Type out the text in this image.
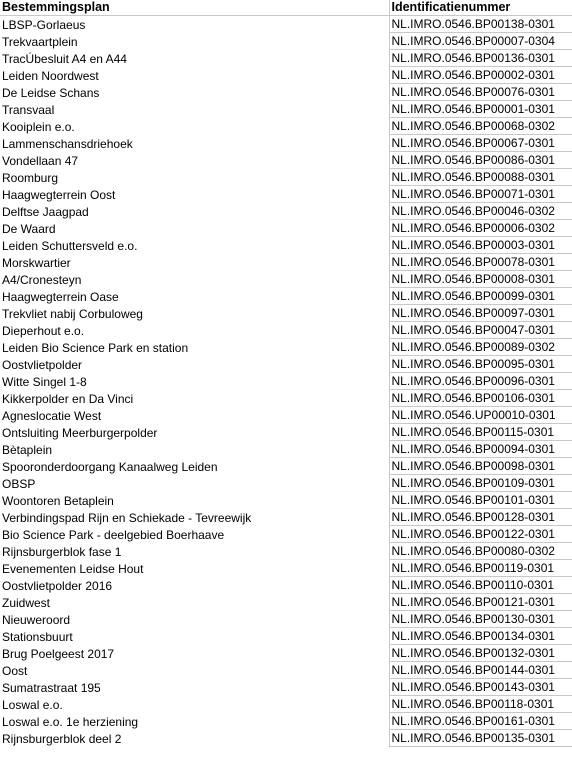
Bestemmingsplan	Identificatienummer
LBSP-Gorlaeus	NL.IMRO.0546.BP00138-0301
Trekvaartplein	NL.IMRO.0546.BP00007-0304
TracÚbesluit A4 en A44	NL.IMRO.0546.BP00136-0301
Leiden Noordwest	NL.IMRO.0546.BP00002-0301
De Leidse Schans	NL.IMRO.0546.BP00076-0301
Transvaal	NL.IMRO.0546.BP00001-0301
Kooiplein e.o.	NL.IMRO.0546.BP00068-0302
Lammenschansdriehoek	NL.IMRO.0546.BP00067-0301
Vondellaan 47	NL.IMRO.0546.BP00086-0301
Roomburg	NL.IMRO.0546.BP00088-0301
Haagwegterrein Oost	NL.IMRO.0546.BP00071-0301
Delftse Jaagpad	NL.IMRO.0546.BP00046-0302
De Waard	NL.IMRO.0546.BP00006-0302
Leiden Schuttersveld e.o.	NL.IMRO.0546.BP00003-0301
Morskwartier	NL.IMRO.0546.BP00078-0301
A4/Cronesteyn	NL.IMRO.0546.BP00008-0301
Haagwegterrein Oase	NL.IMRO.0546.BP00099-0301
Trekvliet nabij Corbuloweg	NL.IMRO.0546.BP00097-0301
Dieperhout e.o.	NL.IMRO.0546.BP00047-0301
Leiden Bio Science Park en station	NL.IMRO.0546.BP00089-0302
Oostvlietpolder	NL.IMRO.0546.BP00095-0301
Witte Singel 1-8	NL.IMRO.0546.BP00096-0301
Kikkerpolder en Da Vinci	NL.IMRO.0546.BP00106-0301
Agneslocatie West	NL.IMRO.0546.UP00010-0301
Ontsluiting Meerburgerpolder	NL.IMRO.0546.BP00115-0301
Bètaplein	NL.IMRO.0546.BP00094-0301
Spooronderdoorgang Kanaalweg Leiden	NL.IMRO.0546.BP00098-0301
OBSP	NL.IMRO.0546.BP00109-0301
Woontoren Betaplein	NL.IMRO.0546.BP00101-0301
Verbindingspad Rijn en Schiekade - Tevreewijk	NL.IMRO.0546.BP00128-0301
Bio Science Park - deelgebied Boerhaave	NL.IMRO.0546.BP00122-0301
Rijnsburgerblok fase 1	NL.IMRO.0546.BP00080-0302
Evenementen Leidse Hout	NL.IMRO.0546.BP00119-0301
Oostvlietpolder 2016	NL.IMRO.0546.BP00110-0301
Zuidwest	NL.IMRO.0546.BP00121-0301
Nieuweroord	NL.IMRO.0546.BP00130-0301
Stationsbuurt	NL.IMRO.0546.BP00134-0301
Brug Poelgeest 2017	NL.IMRO.0546.BP00132-0301
Oost	NL.IMRO.0546.BP00144-0301
Sumatrastraat 195	NL.IMRO.0546.BP00143-0301
Loswal e.o.	NL.IMRO.0546.BP00118-0301
Loswal e.o. 1e herziening	NL.IMRO.0546.BP00161-0301
Rijnsburgerblok deel 2	NL.IMRO.0546.BP00135-0301
